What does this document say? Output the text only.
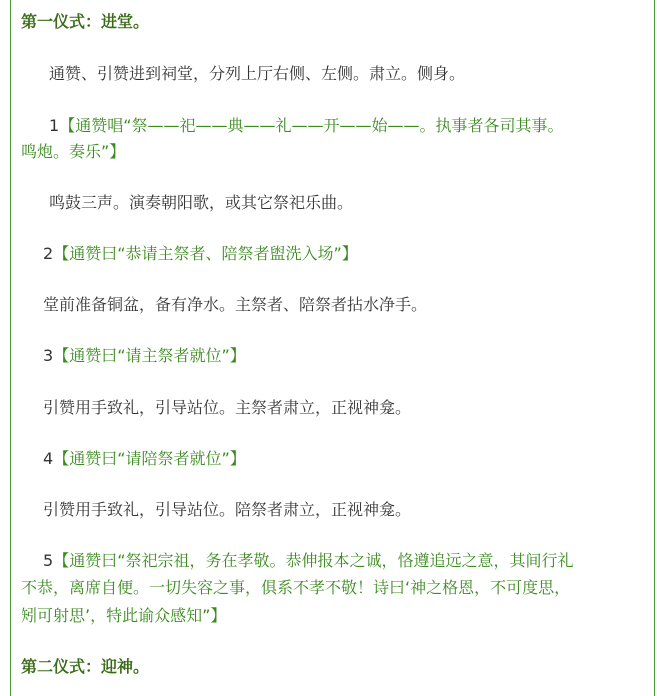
第一仪式：进堂。
通赞、引赞进到祠堂，分列上厅右侧、左侧。肃立。侧身。
1【通赞唱“祭——祀——典——礼——开——始——。执事者各司其事。
鸣炮。奏乐”】
鸣鼓三声。演奏朝阳歌，或其它祭祀乐曲。
2【通赞曰“恭请主祭者、陪祭者盥洗入场”】
堂前准备铜盆，备有净水。主祭者、陪祭者拈水净手。
3【通赞曰“请主祭者就位”】
引赞用手致礼，引导站位。主祭者肃立，正视神龛。
4【通赞曰“请陪祭者就位”】
引赞用手致礼，引导站位。陪祭者肃立，正视神龛。
5【通赞曰“祭祀宗祖，务在孝敬。恭伸报本之诚，恪遵追远之意，其间行礼
不恭，离席自便。一切失容之事，俱系不孝不敬！诗曰‘神之格恩，不可度思，
矧可射思’，特此谕众感知”】
第二仪式：迎神。
